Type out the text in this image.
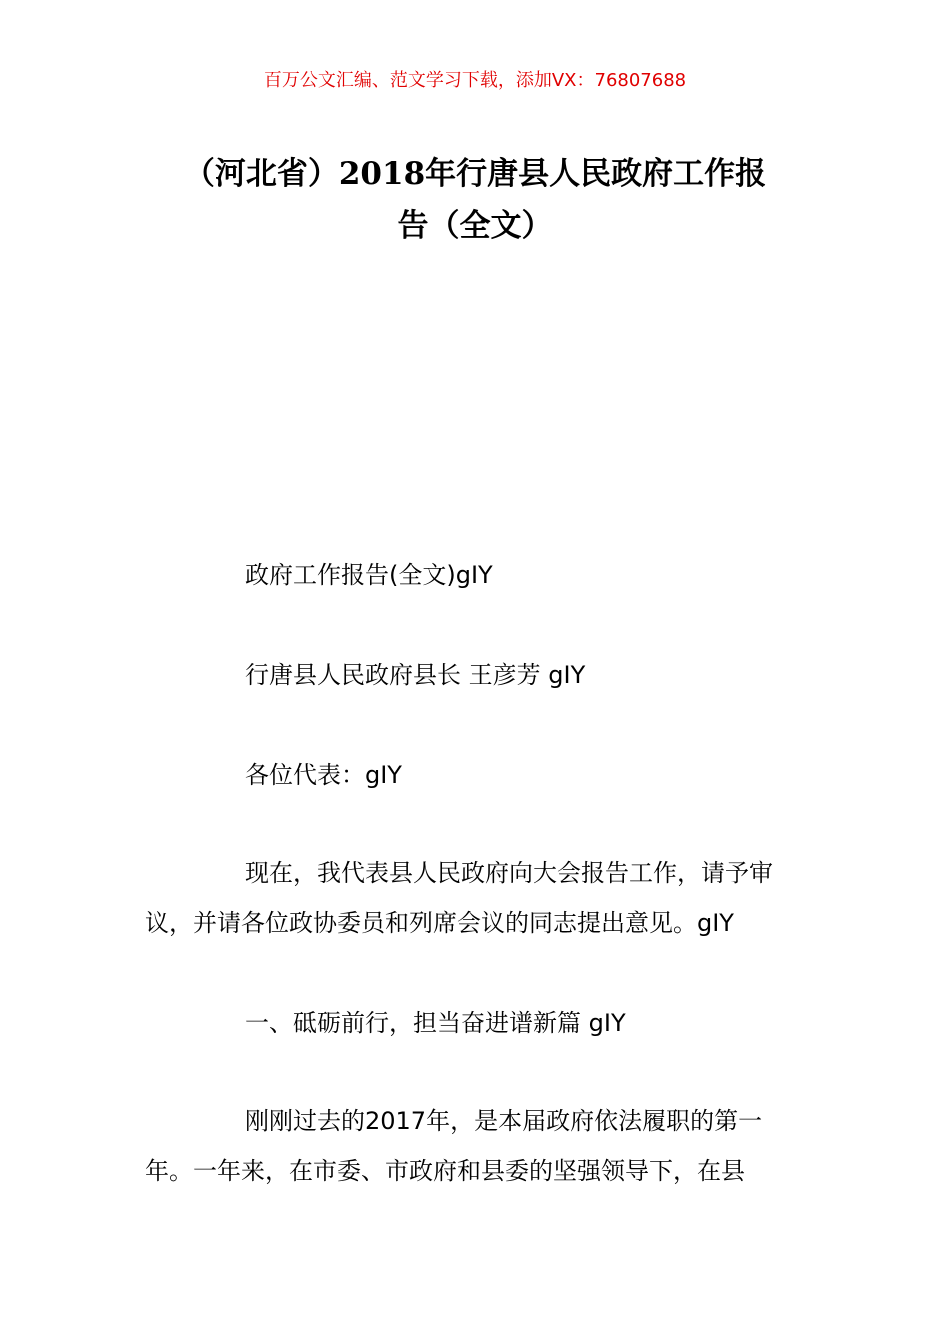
百万公文汇编、范文学习下载，添加VX：76807688
（河北省）2018年行唐县人民政府工作报
告（全文）

政府工作报告(全文)gIY

行唐县人民政府县长 王彦芳 gIY

各位代表：gIY

现在，我代表县人民政府向大会报告工作，请予审议，并请各位政协委员和列席会议的同志提出意见。gIY

一、砥砺前行，担当奋进谱新篇 gIY

刚刚过去的2017年，是本届政府依法履职的第一年。一年来，在市委、市政府和县委的坚强领导下，在县
